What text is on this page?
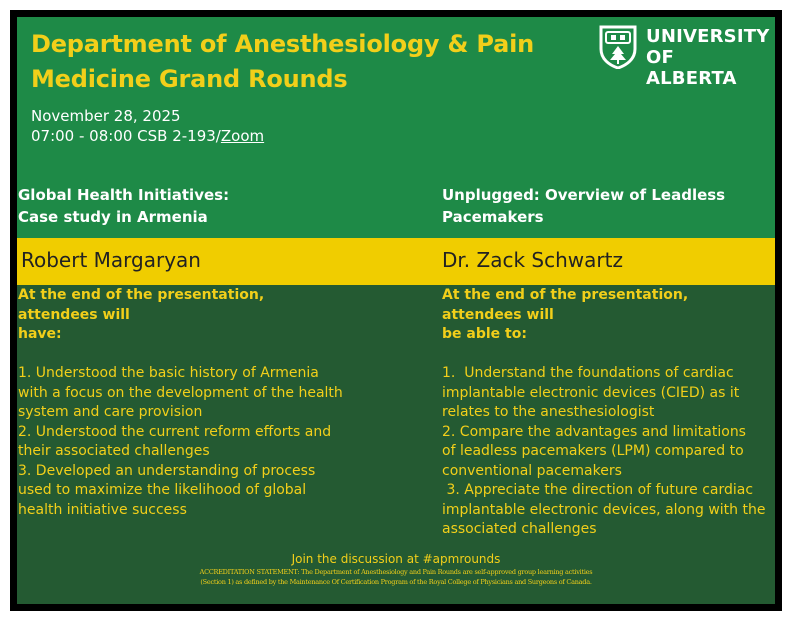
Department of Anesthesiology & Pain
Medicine Grand Rounds
UNIVERSITY
OF ALBERTA
November 28, 2025
07:00 - 08:00 CSB 2-193/Zoom
Global Health Initiatives:
Case study in Armenia
Unplugged: Overview of Leadless
Pacemakers
Robert Margaryan	Dr. Zack Schwartz
At the end of the presentation, attendees will
have:

1. Understood the basic history of Armenia
with a focus on the development of the health
system and care provision
2. Understood the current reform efforts and
their associated challenges
3. Developed an understanding of process
used to maximize the likelihood of global
health initiative success
At the end of the presentation, attendees will
be able to:

1.  Understand the foundations of cardiac
implantable electronic devices (CIED) as it
relates to the anesthesiologist
2. Compare the advantages and limitations
of leadless pacemakers (LPM) compared to
conventional pacemakers
3. Appreciate the direction of future cardiac
implantable electronic devices, along with the
associated challenges
Join the discussion at #apmrounds
ACCREDITATION STATEMENT: The Department of Anesthesiology and Pain Rounds are self-approved group learning activities
(Section 1) as defined by the Maintenance Of Certification Program of the Royal College of Physicians and Surgeons of Canada.
